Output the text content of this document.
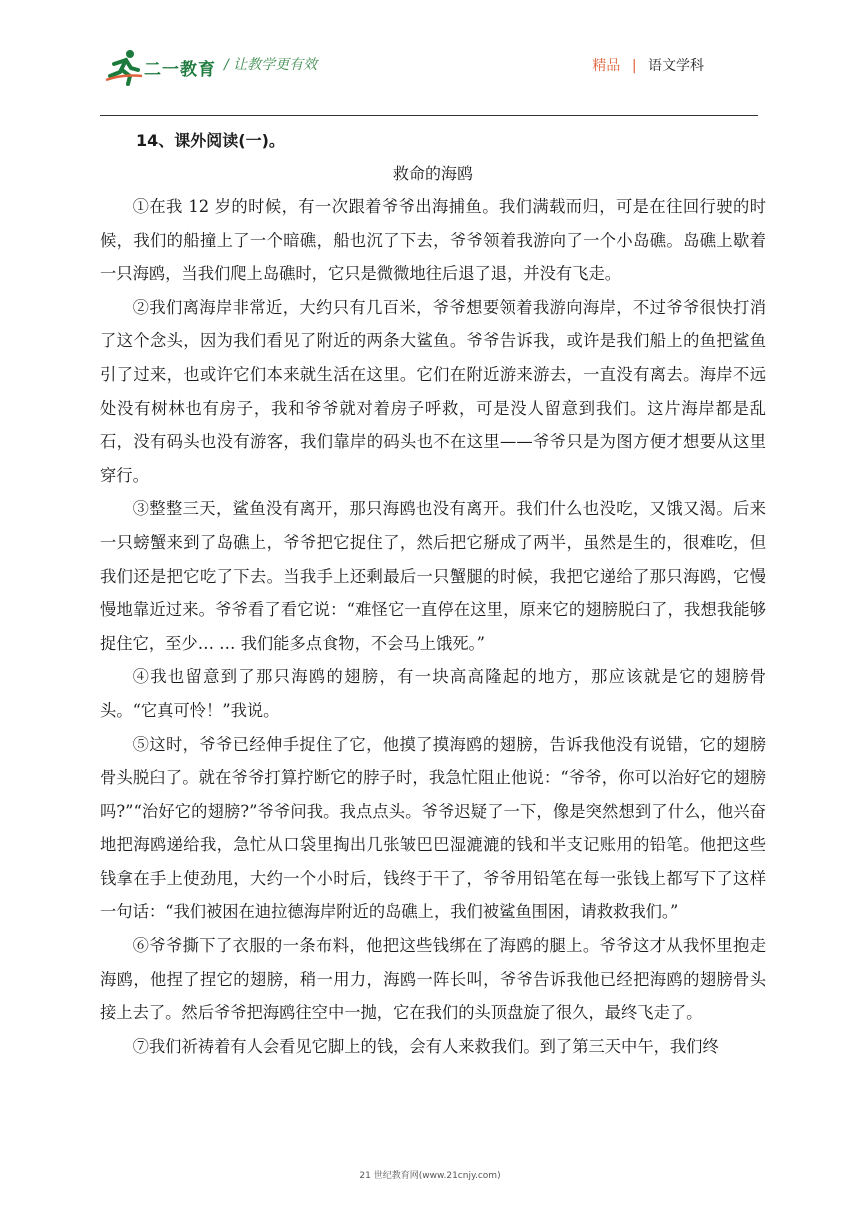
二一教育 / 让教学更有效	精品 | 语文学科
14、课外阅读(一)。
救命的海鸥

①在我 12 岁的时候，有一次跟着爷爷出海捕鱼。我们满载而归，可是在往回行驶的时候，我们的船撞上了一个暗礁，船也沉了下去，爷爷领着我游向了一个小岛礁。岛礁上歇着一只海鸥，当我们爬上岛礁时，它只是微微地往后退了退，并没有飞走。

②我们离海岸非常近，大约只有几百米，爷爷想要领着我游向海岸，不过爷爷很快打消了这个念头，因为我们看见了附近的两条大鲨鱼。爷爷告诉我，或许是我们船上的鱼把鲨鱼引了过来，也或许它们本来就生活在这里。它们在附近游来游去，一直没有离去。海岸不远处没有树林也有房子，我和爷爷就对着房子呼救，可是没人留意到我们。这片海岸都是乱石，没有码头也没有游客，我们靠岸的码头也不在这里——爷爷只是为图方便才想要从这里穿行。

③整整三天，鲨鱼没有离开，那只海鸥也没有离开。我们什么也没吃，又饿又渴。后来一只螃蟹来到了岛礁上，爷爷把它捉住了，然后把它掰成了两半，虽然是生的，很难吃，但我们还是把它吃了下去。当我手上还剩最后一只蟹腿的时候，我把它递给了那只海鸥，它慢慢地靠近过来。爷爷看了看它说：“难怪它一直停在这里，原来它的翅膀脱臼了，我想我能够捉住它，至少… … 我们能多点食物，不会马上饿死。”

④我也留意到了那只海鸥的翅膀，有一块高高隆起的地方，那应该就是它的翅膀骨头。“它真可怜！”我说。

⑤这时，爷爷已经伸手捉住了它，他摸了摸海鸥的翅膀，告诉我他没有说错，它的翅膀骨头脱臼了。就在爷爷打算拧断它的脖子时，我急忙阻止他说：“爷爷，你可以治好它的翅膀吗?”“治好它的翅膀?”爷爷问我。我点点头。爷爷迟疑了一下，像是突然想到了什么，他兴奋地把海鸥递给我，急忙从口袋里掏出几张皱巴巴湿漉漉的钱和半支记账用的铅笔。他把这些钱拿在手上使劲甩，大约一个小时后，钱终于干了，爷爷用铅笔在每一张钱上都写下了这样一句话：“我们被困在迪拉德海岸附近的岛礁上，我们被鲨鱼围困，请救救我们。”

⑥爷爷撕下了衣服的一条布料，他把这些钱绑在了海鸥的腿上。爷爷这才从我怀里抱走海鸥，他捏了捏它的翅膀，稍一用力，海鸥一阵长叫，爷爷告诉我他已经把海鸥的翅膀骨头接上去了。然后爷爷把海鸥往空中一抛，它在我们的头顶盘旋了很久，最终飞走了。

⑦我们祈祷着有人会看见它脚上的钱，会有人来救我们。到了第三天中午，我们终

21 世纪教育网(www.21cnjy.com)
